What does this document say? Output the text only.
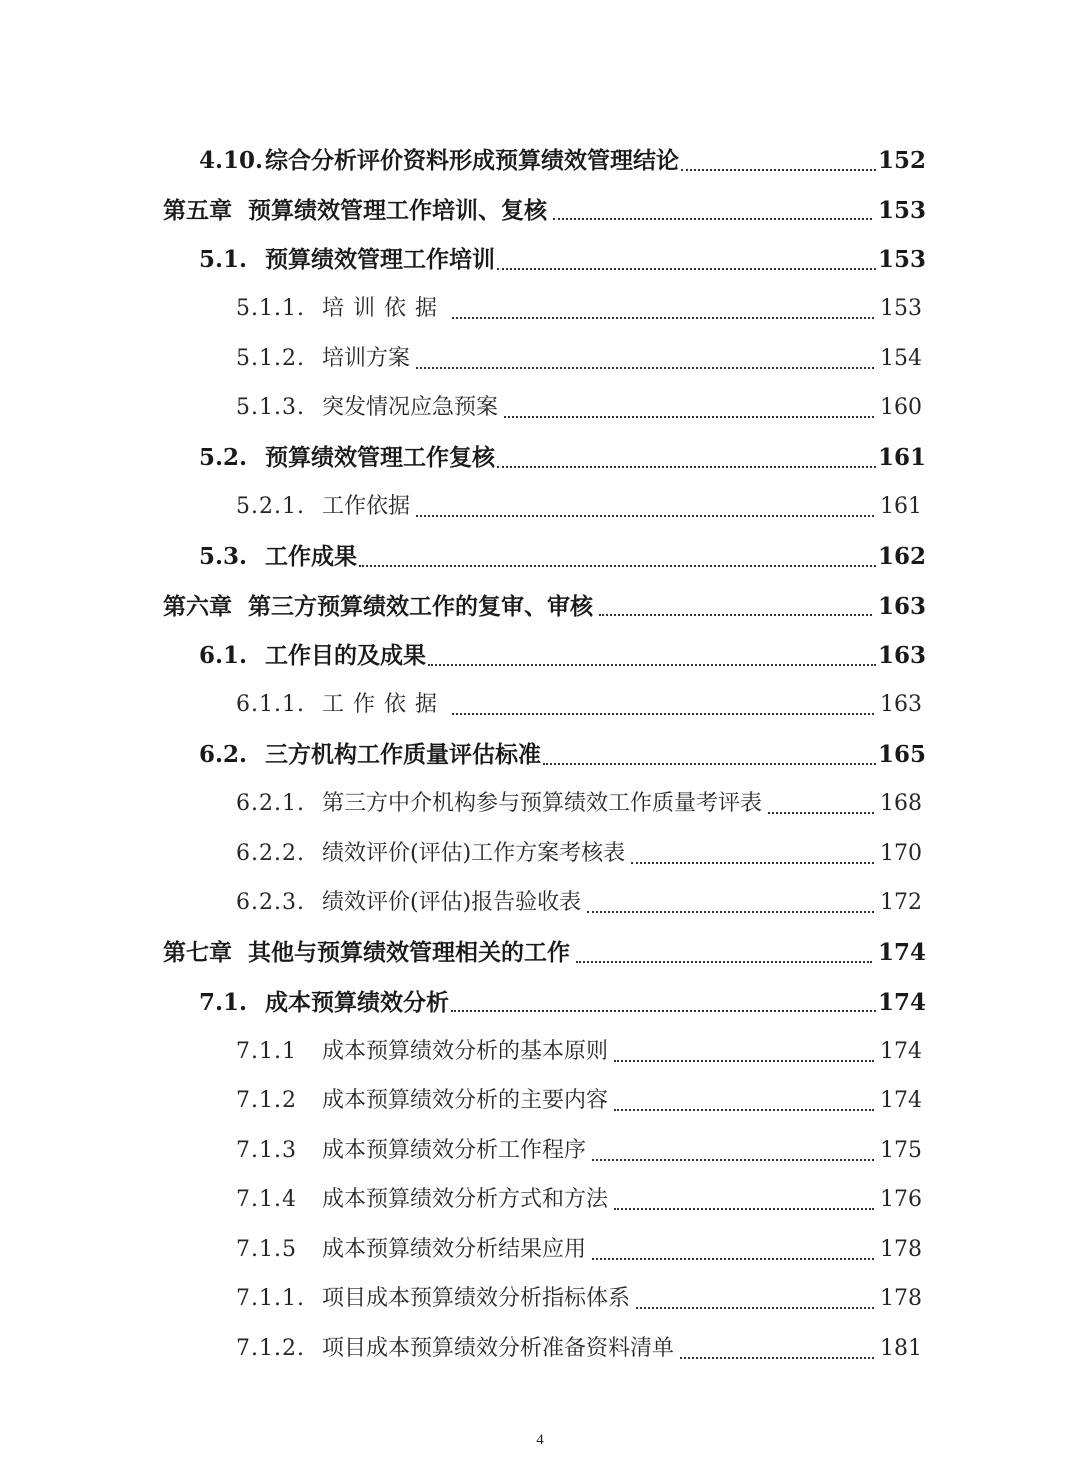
4.10. 综合分析评价资料形成预算绩效管理结论	152
第五章 预算绩效管理工作培训、复核	153
5.1. 预算绩效管理工作培训	153
5.1.1. 培训依据	153
5.1.2. 培训方案	154
5.1.3. 突发情况应急预案	160
5.2. 预算绩效管理工作复核	161
5.2.1. 工作依据	161
5.3. 工作成果	162
第六章 第三方预算绩效工作的复审、审核	163
6.1. 工作目的及成果	163
6.1.1. 工作依据	163
6.2. 三方机构工作质量评估标准	165
6.2.1. 第三方中介机构参与预算绩效工作质量考评表	168
6.2.2. 绩效评价(评估)工作方案考核表	170
6.2.3. 绩效评价(评估)报告验收表	172
第七章 其他与预算绩效管理相关的工作	174
7.1. 成本预算绩效分析	174
7.1.1	成本预算绩效分析的基本原则	174
7.1.2	成本预算绩效分析的主要内容	174
7.1.3	成本预算绩效分析工作程序	175
7.1.4	成本预算绩效分析方式和方法	176
7.1.5	成本预算绩效分析结果应用	178
7.1.1. 项目成本预算绩效分析指标体系	178
7.1.2. 项目成本预算绩效分析准备资料清单	181
4
